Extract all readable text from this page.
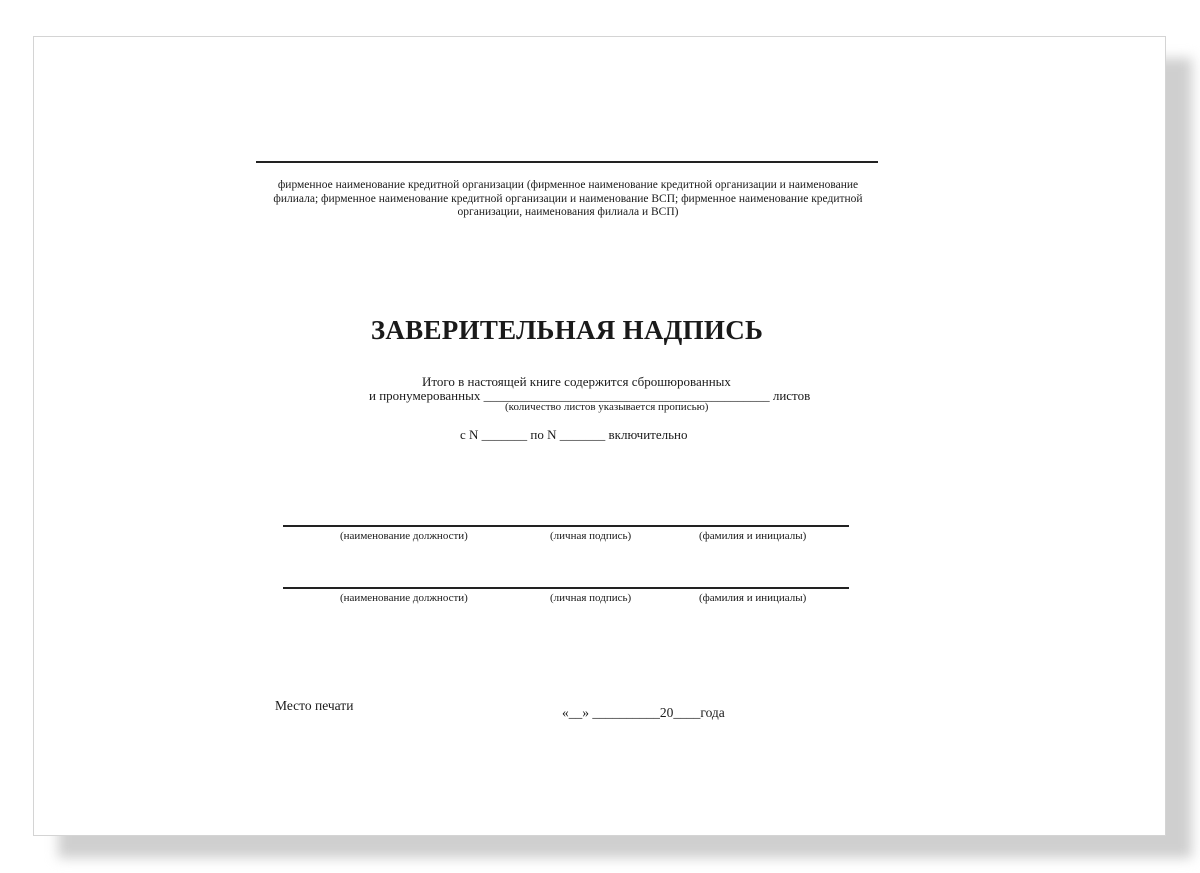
фирменное наименование кредитной организации (фирменное наименование кредитной организации и наименование филиала; фирменное наименование кредитной организации и наименование ВСП; фирменное наименование кредитной организации, наименования филиала и ВСП)
ЗАВЕРИТЕЛЬНАЯ НАДПИСЬ
Итого в настоящей книге содержится сброшюрованных
и пронумерованных ____________________________________________ листов
(количество листов указывается прописью)
с N _______ по N _______ включительно
(наименование должности)	(личная подпись)	(фамилия и инициалы)
(наименование должности)	(личная подпись)	(фамилия и инициалы)
Место печати	«__» __________20____года
